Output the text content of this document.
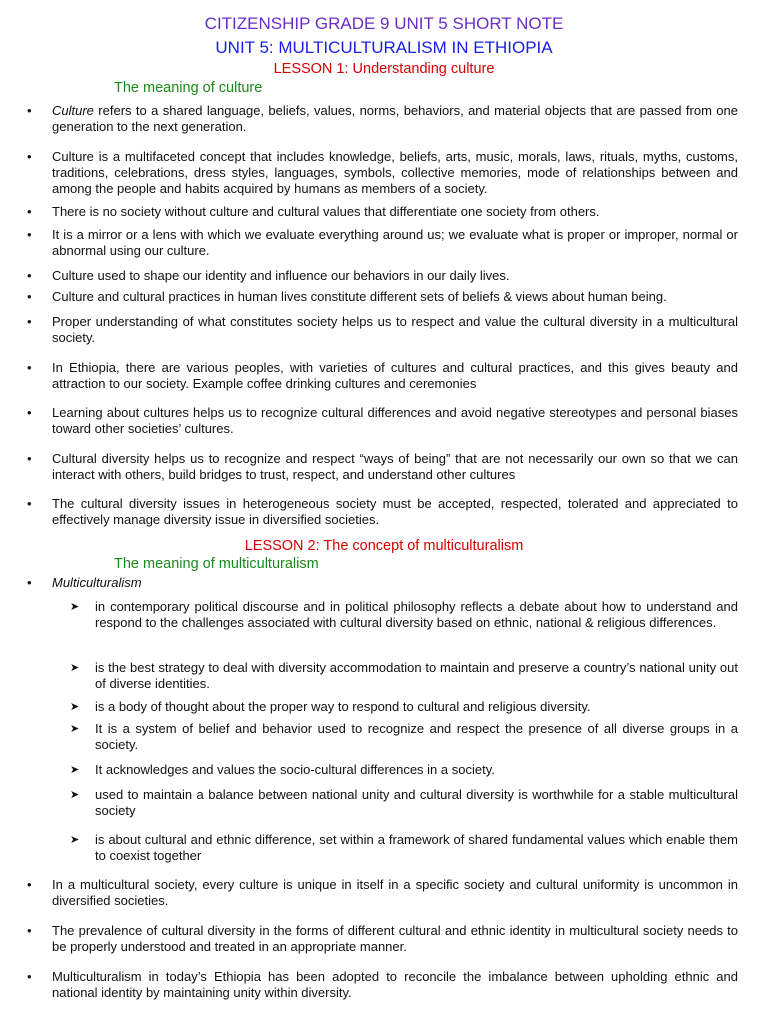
CITIZENSHIP GRADE 9 UNIT 5 SHORT NOTE
UNIT 5: MULTICULTURALISM IN ETHIOPIA
LESSON 1: Understanding culture
The meaning of culture
• Culture refers to a shared language, beliefs, values, norms, behaviors, and material objects that are passed from one generation to the next generation.
• Culture is a multifaceted concept that includes knowledge, beliefs, arts, music, morals, laws, rituals, myths, customs, traditions, celebrations, dress styles, languages, symbols, collective memories, mode of relationships between and among the people and habits acquired by humans as members of a society.
• There is no society without culture and cultural values that differentiate one society from others.
• It is a mirror or a lens with which we evaluate everything around us; we evaluate what is proper or improper, normal or abnormal using our culture.
• Culture used to shape our identity and influence our behaviors in our daily lives.
• Culture and cultural practices in human lives constitute different sets of beliefs & views about human being.
• Proper understanding of what constitutes society helps us to respect and value the cultural diversity in a multicultural society.
• In Ethiopia, there are various peoples, with varieties of cultures and cultural practices, and this gives beauty and attraction to our society. Example coffee drinking cultures and ceremonies
• Learning about cultures helps us to recognize cultural differences and avoid negative stereotypes and personal biases toward other societies’ cultures.
• Cultural diversity helps us to recognize and respect “ways of being” that are not necessarily our own so that we can interact with others, build bridges to trust, respect, and understand other cultures
• The cultural diversity issues in heterogeneous society must be accepted, respected, tolerated and appreciated to effectively manage diversity issue in diversified societies.
LESSON 2: The concept of multiculturalism
The meaning of multiculturalism
• Multiculturalism
➤ in contemporary political discourse and in political philosophy reflects a debate about how to understand and respond to the challenges associated with cultural diversity based on ethnic, national & religious differences.
➤ is the best strategy to deal with diversity accommodation to maintain and preserve a country’s national unity out of diverse identities.
➤ is a body of thought about the proper way to respond to cultural and religious diversity.
➤ It is a system of belief and behavior used to recognize and respect the presence of all diverse groups in a society.
➤ It acknowledges and values the socio-cultural differences in a society.
➤ used to maintain a balance between national unity and cultural diversity is worthwhile for a stable multicultural society
➤ is about cultural and ethnic difference, set within a framework of shared fundamental values which enable them to coexist together
• In a multicultural society, every culture is unique in itself in a specific society and cultural uniformity is uncommon in diversified societies.
• The prevalence of cultural diversity in the forms of different cultural and ethnic identity in multicultural society needs to be properly understood and treated in an appropriate manner.
• Multiculturalism in today’s Ethiopia has been adopted to reconcile the imbalance between upholding ethnic and national identity by maintaining unity within diversity.
